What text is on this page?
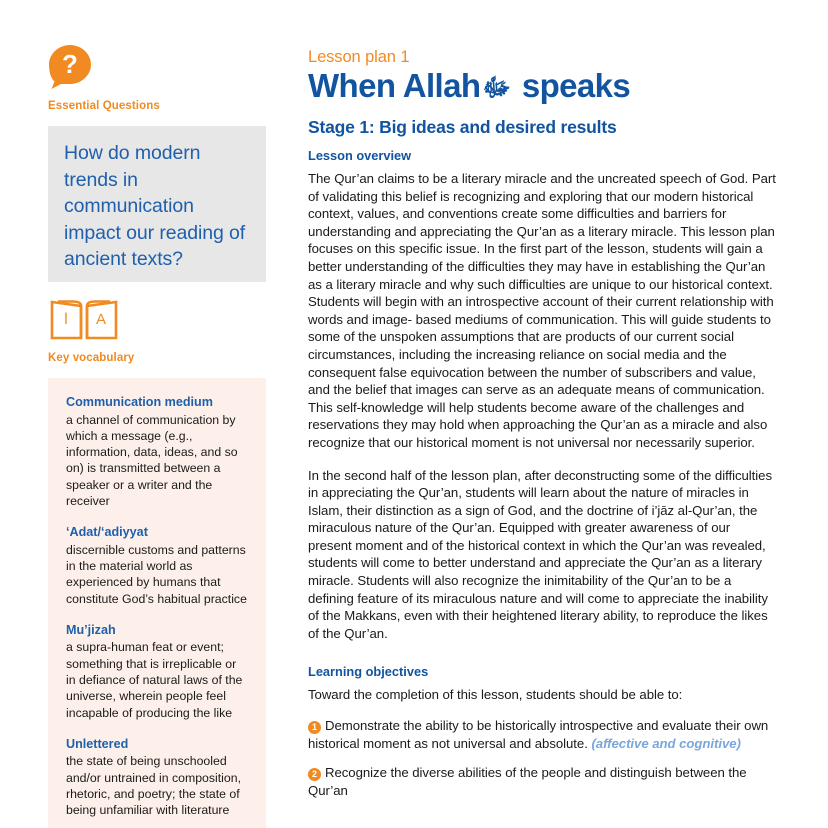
?
Essential Questions
How do modern trends in communication impact our reading of ancient texts?
ا A
Key vocabulary
Communication medium
a channel of communication by which a message (e.g., information, data, ideas, and so on) is transmitted between a speaker or a writer and the receiver
‘Adat/‘adiyyat
discernible customs and patterns in the material world as experienced by humans that constitute God’s habitual practice
Mu’jizah
a supra-human feat or event; something that is irreplicable or in defiance of natural laws of the universe, wherein people feel incapable of producing the like
Unlettered
the state of being unschooled and/or untrained in composition, rhetoric, and poetry; the state of being unfamiliar with literature
Lesson plan 1
When Allahﷻ speaks
Stage 1: Big ideas and desired results
Lesson overview

The Qur’an claims to be a literary miracle and the uncreated speech of God. Part of validating this belief is recognizing and exploring that our modern historical context, values, and conventions create some difficulties and barriers for understanding and appreciating the Qur’an as a literary miracle. This lesson plan focuses on this specific issue. In the first part of the lesson, students will gain a better understanding of the difficulties they may have in establishing the Qur’an as a literary miracle and why such difficulties are unique to our historical context. Students will begin with an introspective account of their current relationship with words and image- based mediums of communication. This will guide students to some of the unspoken assumptions that are products of our current social circumstances, including the increasing reliance on social media and the consequent false equivocation between the number of subscribers and value, and the belief that images can serve as an adequate means of communication. This self-knowledge will help students become aware of the challenges and reservations they may hold when approaching the Qur’an as a miracle and also recognize that our historical moment is not universal nor necessarily superior.

In the second half of the lesson plan, after deconstructing some of the difficulties in appreciating the Qur’an, students will learn about the nature of miracles in Islam, their distinction as a sign of God, and the doctrine of i’jāz al-Qur’an, the miraculous nature of the Qur’an. Equipped with greater awareness of our present moment and of the historical context in which the Qur’an was revealed, students will come to better understand and appreciate the Qur’an as a literary miracle. Students will also recognize the inimitability of the Qur’an to be a defining feature of its miraculous nature and will come to appreciate the inability of the Makkans, even with their heightened literary ability, to reproduce the likes of the Qur’an.

Learning objectives

Toward the completion of this lesson, students should be able to:

1 Demonstrate the ability to be historically introspective and evaluate their own historical moment as not universal and absolute. (affective and cognitive)

2 Recognize the diverse abilities of the people and distinguish between the Qur’an
